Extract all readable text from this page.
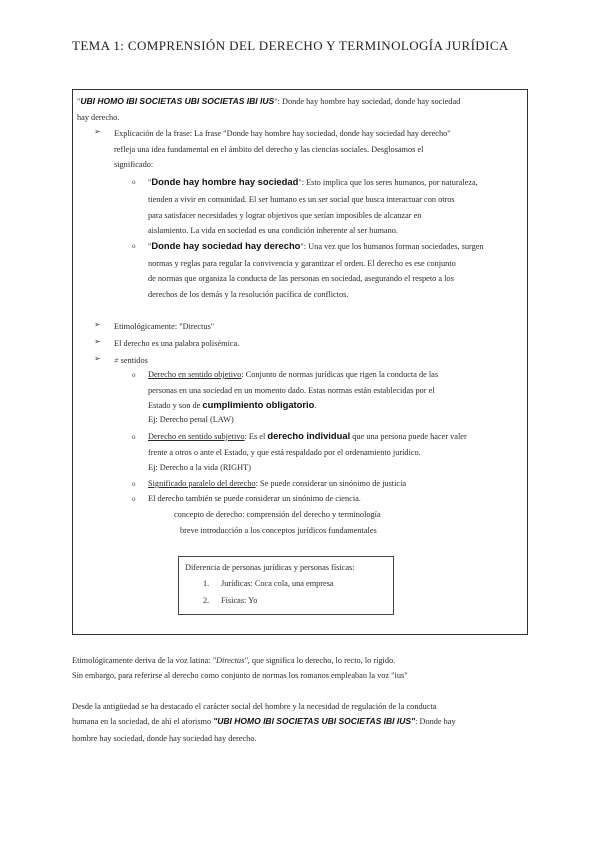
TEMA 1: COMPRENSIÓN DEL DERECHO Y TERMINOLOGÍA JURÍDICA
"UBI HOMO IBI SOCIETAS UBI SOCIETAS IBI IUS": Donde hay hombre hay sociedad, donde hay sociedad
hay derecho.
➢ Explicación de la frase: La frase "Donde hay hombre hay sociedad, donde hay sociedad hay derecho"
refleja una idea fundamental en el ámbito del derecho y las ciencias sociales. Desglosamos el
significado:
o "Donde hay hombre hay sociedad": Esto implica que los seres humanos, por naturaleza,
tienden a vivir en comunidad. El ser humano es un ser social que busca interactuar con otros
para satisfacer necesidades y lograr objetivos que serían imposibles de alcanzar en
aislamiento. La vida en sociedad es una condición inherente al ser humano.
o "Donde hay sociedad hay derecho": Una vez que los humanos forman sociedades, surgen
normas y reglas para regular la convivencia y garantizar el orden. El derecho es ese conjunto
de normas que organiza la conducta de las personas en sociedad, asegurando el respeto a los
derechos de los demás y la resolución pacífica de conflictos.
➢ Etimológicamente: "Directus"
➢ El derecho es una palabra polisémica.
➢ ≠ sentidos
o Derecho en sentido objetivo: Conjunto de normas jurídicas que rigen la conducta de las
personas en una sociedad en un momento dado. Estas normas están establecidas por el
Estado y son de cumplimiento obligatorio.
Ej: Derecho penal (LAW)
o Derecho en sentido subjetivo: Es el derecho individual que una persona puede hacer valer
frente a otros o ante el Estado, y que está respaldado por el ordenamiento jurídico.
Ej: Derecho a la vida (RIGHT)
o Significado paralelo del derecho: Se puede considerar un sinónimo de justicia
o El derecho también se puede considerar un sinónimo de ciencia.
concepto de derecho: comprensión del derecho y terminología
breve introducción a los conceptos jurídicos fundamentales
Diferencia de personas jurídicas y personas físicas:
1. Jurídicas: Coca cola, una empresa
2. Físicas: Yo
Etimológicamente deriva de la voz latina: "Directus", que significa lo derecho, lo recto, lo rígido.
Sin embargo, para referirse al derecho como conjunto de normas los romanos empleaban la voz "ius"
Desde la antigüedad se ha destacado el carácter social del hombre y la necesidad de regulación de la conducta
humana en la sociedad, de ahí el aforismo "UBI HOMO IBI SOCIETAS UBI SOCIETAS IBI IUS": Donde hay
hombre hay sociedad, donde hay sociedad hay derecho.
